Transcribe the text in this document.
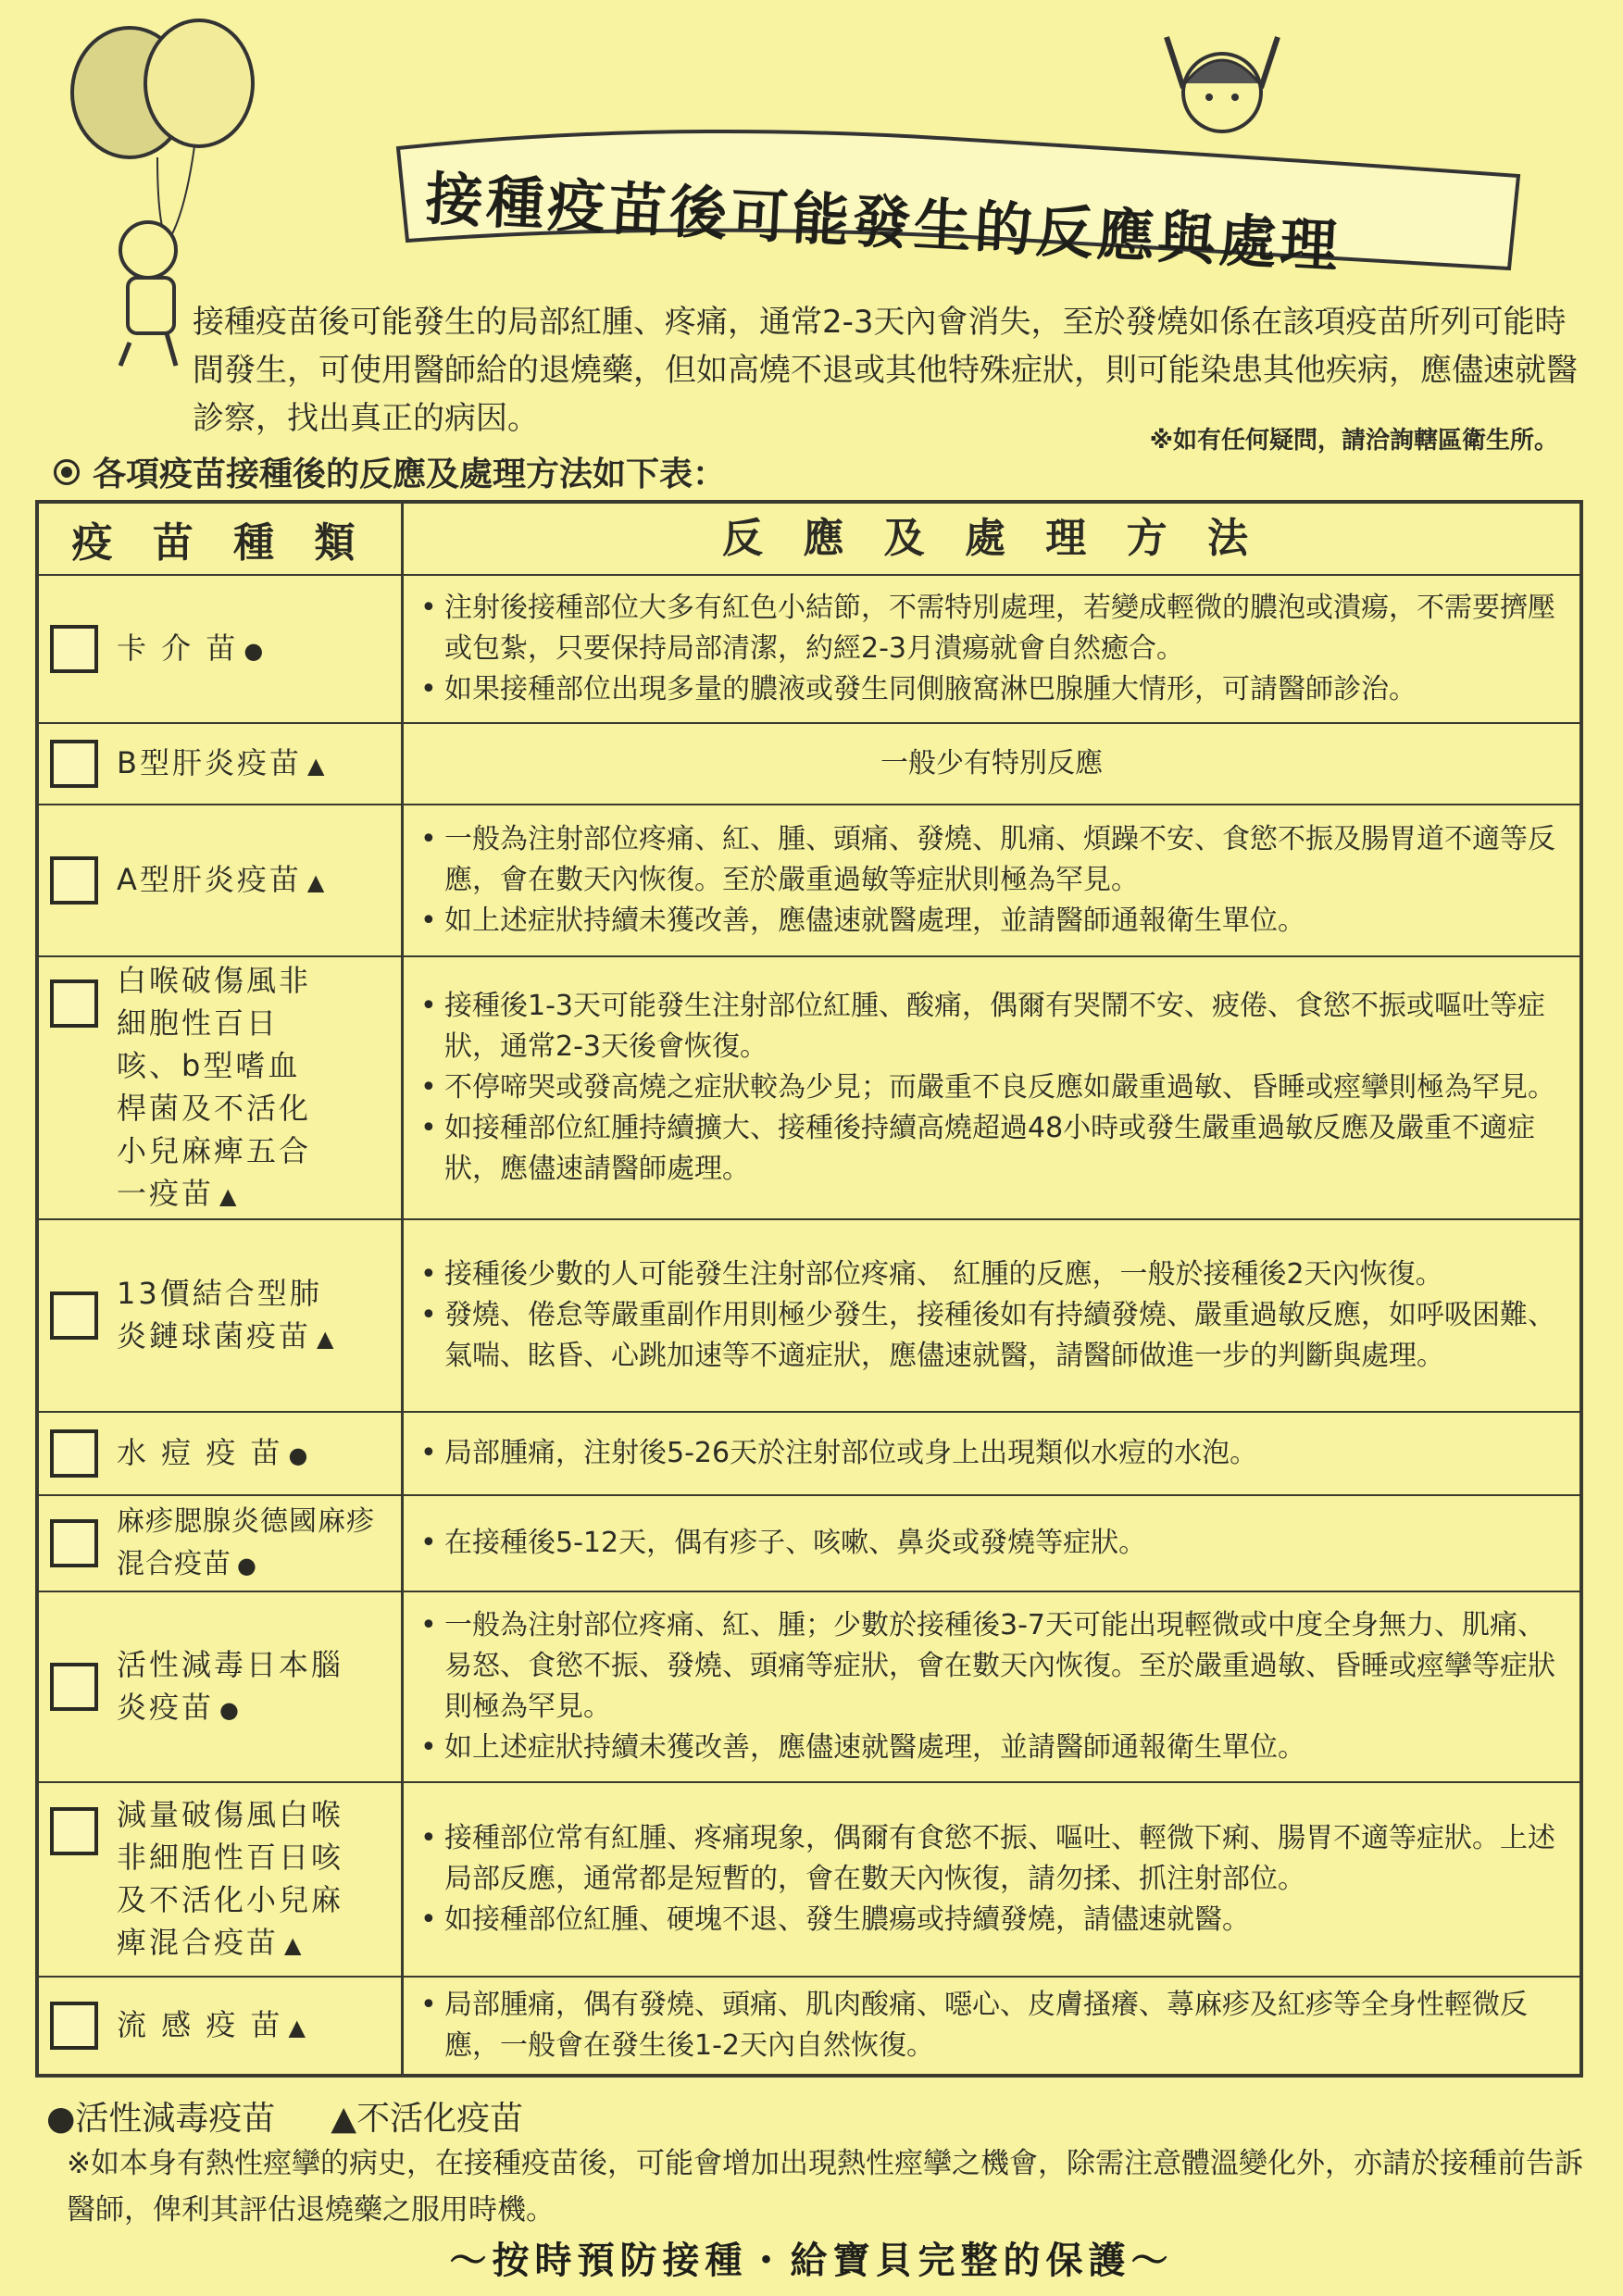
接種疫苗後可能發生的反應與處理
接種疫苗後可能發生的局部紅腫、疼痛，通常2-3天內會消失，至於發燒如係在該項疫苗所列可能時間發生，可使用醫師給的退燒藥，但如高燒不退或其他特殊症狀，則可能染患其他疾病，應儘速就醫診察，找出真正的病因。
※如有任何疑問，請洽詢轄區衛生所。
各項疫苗接種後的反應及處理方法如下表：
疫 苗 種 類	反 應 及 處 理 方 法
卡 介 苗 ●
• 注射後接種部位大多有紅色小結節，不需特別處理，若變成輕微的膿泡或潰瘍，不需要擠壓或包紮，只要保持局部清潔，約經2-3月潰瘍就會自然癒合。
• 如果接種部位出現多量的膿液或發生同側腋窩淋巴腺腫大情形，可請醫師診治。
B型肝炎疫苗 ▲	一般少有特別反應
A型肝炎疫苗 ▲
• 一般為注射部位疼痛、紅、腫、頭痛、發燒、肌痛、煩躁不安、食慾不振及腸胃道不適等反應，會在數天內恢復。至於嚴重過敏等症狀則極為罕見。
• 如上述症狀持續未獲改善，應儘速就醫處理，並請醫師通報衛生單位。
白喉破傷風非細胞性百日咳、b型嗜血桿菌及不活化小兒麻痺五合一疫苗 ▲
• 接種後1-3天可能發生注射部位紅腫、酸痛，偶爾有哭鬧不安、疲倦、食慾不振或嘔吐等症狀，通常2-3天後會恢復。
• 不停啼哭或發高燒之症狀較為少見；而嚴重不良反應如嚴重過敏、昏睡或痙攣則極為罕見。
• 如接種部位紅腫持續擴大、接種後持續高燒超過48小時或發生嚴重過敏反應及嚴重不適症狀，應儘速請醫師處理。
13價結合型肺炎鏈球菌疫苗 ▲
• 接種後少數的人可能發生注射部位疼痛、 紅腫的反應，一般於接種後2天內恢復。
• 發燒、倦怠等嚴重副作用則極少發生，接種後如有持續發燒、嚴重過敏反應，如呼吸困難、氣喘、眩昏、心跳加速等不適症狀，應儘速就醫，請醫師做進一步的判斷與處理。
水 痘 疫 苗 ●
•	局部腫痛，注射後5-26天於注射部位或身上出現類似水痘的水泡。
麻疹腮腺炎德國麻疹混合疫苗 ●
• 在接種後5-12天，偶有疹子、咳嗽、鼻炎或發燒等症狀。
活性減毒日本腦炎疫苗 ●
• 一般為注射部位疼痛、紅、腫；少數於接種後3-7天可能出現輕微或中度全身無力、肌痛、易怒、食慾不振、發燒、頭痛等症狀，會在數天內恢復。至於嚴重過敏、昏睡或痙攣等症狀則極為罕見。
• 如上述症狀持續未獲改善，應儘速就醫處理，並請醫師通報衛生單位。
減量破傷風白喉非細胞性百日咳及不活化小兒麻痺混合疫苗 ▲
• 接種部位常有紅腫、疼痛現象，偶爾有食慾不振、嘔吐、輕微下痢、腸胃不適等症狀。上述局部反應，通常都是短暫的，會在數天內恢復，請勿揉、抓注射部位。
• 如接種部位紅腫、硬塊不退、發生膿瘍或持續發燒，請儘速就醫。
流 感 疫 苗 ▲
• 局部腫痛，偶有發燒、頭痛、肌肉酸痛、噁心、皮膚搔癢、蕁麻疹及紅疹等全身性輕微反應，一般會在發生後1-2天內自然恢復。
●活性減毒疫苗 ▲不活化疫苗
※如本身有熱性痙攣的病史，在接種疫苗後，可能會增加出現熱性痙攣之機會，除需注意體溫變化外，亦請於接種前告訴醫師，俾利其評估退燒藥之服用時機。
～按時預防接種・給寶貝完整的保護～
